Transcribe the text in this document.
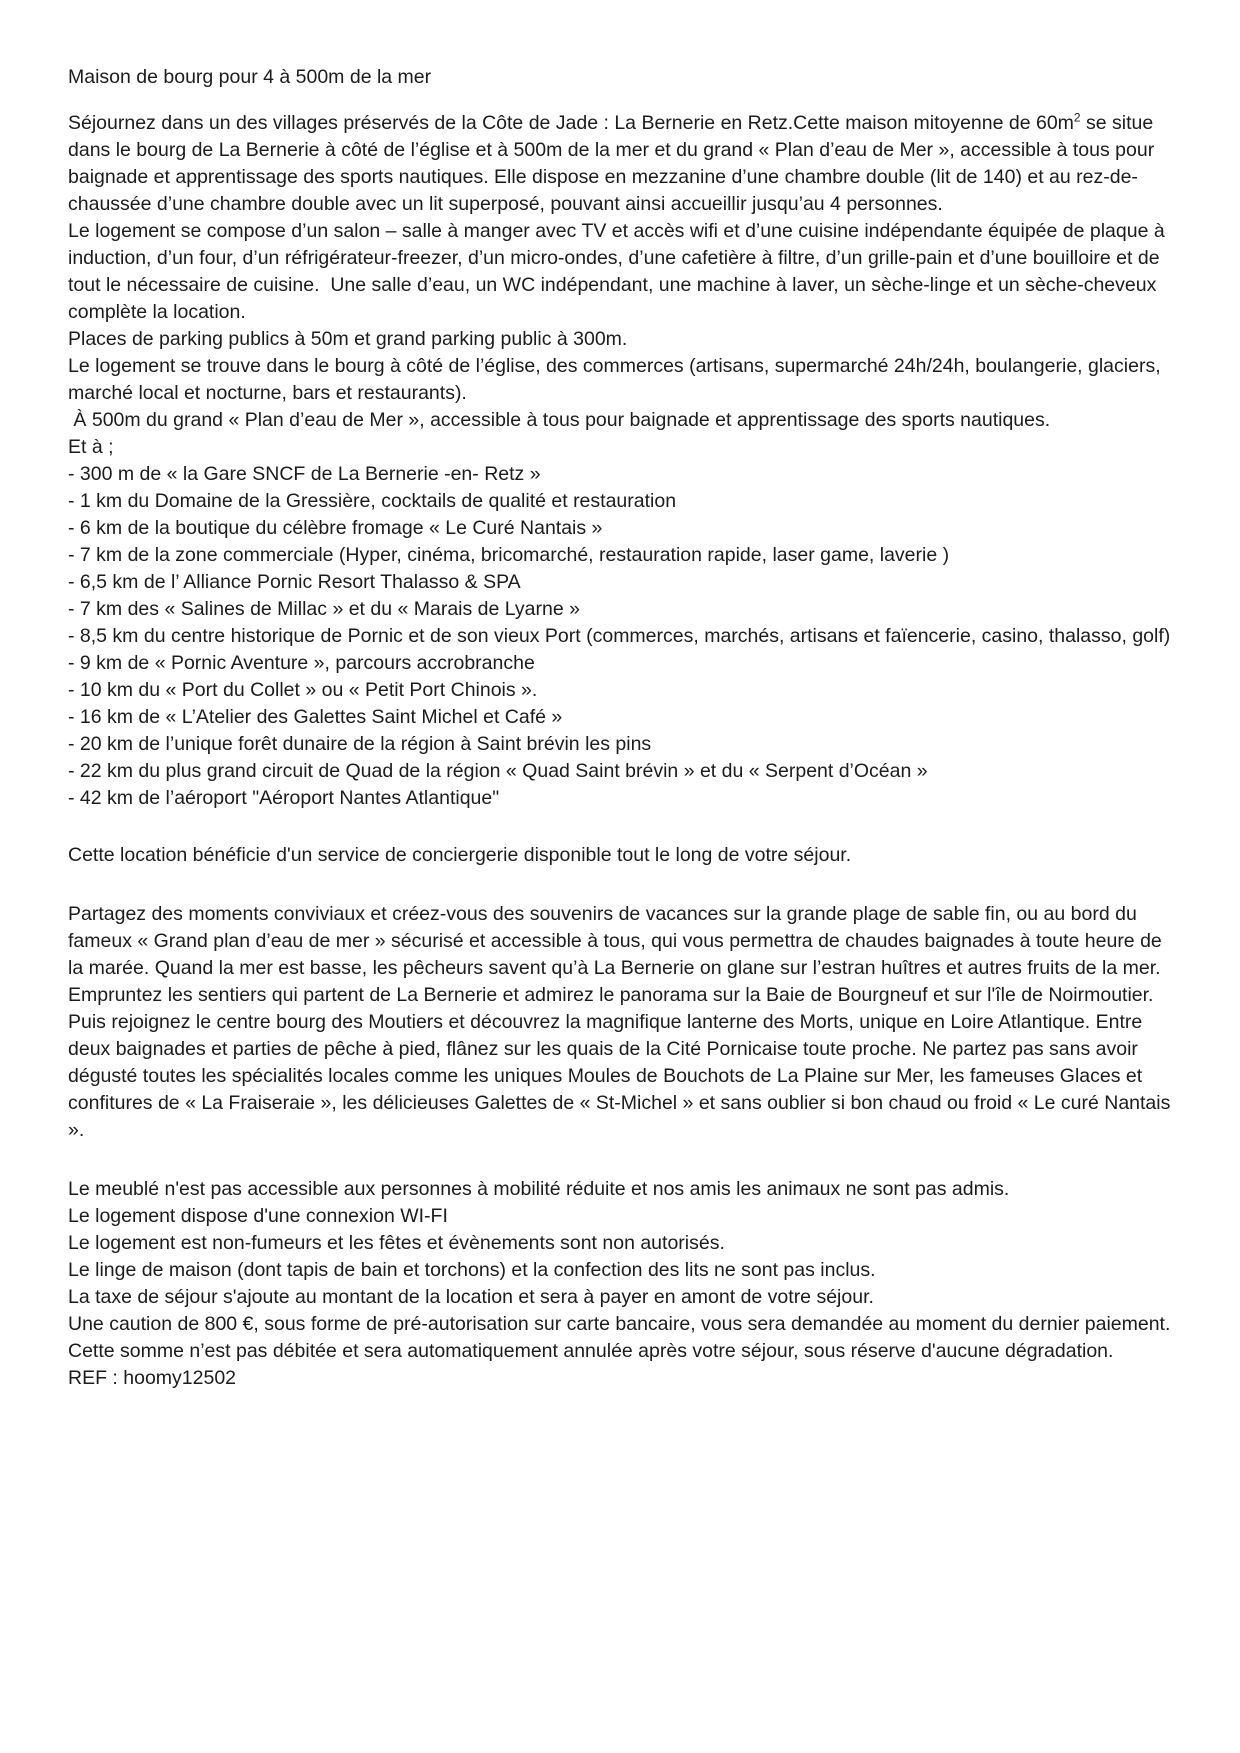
Maison de bourg pour 4 à 500m de la mer

Séjournez dans un des villages préservés de la Côte de Jade : La Bernerie en Retz.Cette maison mitoyenne de $60m^2$ se situe dans le bourg de La Bernerie à côté de l’église et à 500m de la mer et du grand « Plan d’eau de Mer », accessible à tous pour baignade et apprentissage des sports nautiques. Elle dispose en mezzanine d’une chambre double (lit de 140) et au rez-de-chaussée d’une chambre double avec un lit superposé, pouvant ainsi accueillir jusqu’au 4 personnes.

Le logement se compose d’un salon – salle à manger avec TV et accès wifi et d’une cuisine indépendante équipée de plaque à induction, d’un four, d’un réfrigérateur-freezer, d’un micro-ondes, d’une cafetière à filtre, d’un grille-pain et d’une bouilloire et de tout le nécessaire de cuisine.  Une salle d’eau, un WC indépendant, une machine à laver, un sèche-linge et un sèche-cheveux complète la location.

Places de parking publics à 50m et grand parking public à 300m.

Le logement se trouve dans le bourg à côté de l’église, des commerces (artisans, supermarché 24h/24h, boulangerie, glaciers, marché local et nocturne, bars et restaurants).

À 500m du grand « Plan d’eau de Mer », accessible à tous pour baignade et apprentissage des sports nautiques.

Et à ;

- 300 m de « la Gare SNCF de La Bernerie -en- Retz »

- 1 km du Domaine de la Gressière, cocktails de qualité et restauration

- 6 km de la boutique du célèbre fromage « Le Curé Nantais »

- 7 km de la zone commerciale (Hyper, cinéma, bricomarché, restauration rapide, laser game, laverie )

- 6,5 km de l’ Alliance Pornic Resort Thalasso & SPA

- 7 km des « Salines de Millac » et du « Marais de Lyarne »

- 8,5 km du centre historique de Pornic et de son vieux Port (commerces, marchés, artisans et faïencerie, casino, thalasso, golf)

- 9 km de « Pornic Aventure », parcours accrobranche

- 10 km du « Port du Collet » ou « Petit Port Chinois ».

- 16 km de « L’Atelier des Galettes Saint Michel et Café »

- 20 km de l’unique forêt dunaire de la région à Saint brévin les pins

- 22 km du plus grand circuit de Quad de la région « Quad Saint brévin » et du « Serpent d’Océan »

- 42 km de l’aéroport "Aéroport Nantes Atlantique"

Cette location bénéficie d'un service de conciergerie disponible tout le long de votre séjour.

Partagez des moments conviviaux et créez-vous des souvenirs de vacances sur la grande plage de sable fin, ou au bord du fameux « Grand plan d’eau de mer » sécurisé et accessible à tous, qui vous permettra de chaudes baignades à toute heure de la marée. Quand la mer est basse, les pêcheurs savent qu’à La Bernerie on glane sur l’estran huîtres et autres fruits de la mer. Empruntez les sentiers qui partent de La Bernerie et admirez le panorama sur la Baie de Bourgneuf et sur l'île de Noirmoutier. Puis rejoignez le centre bourg des Moutiers et découvrez la magnifique lanterne des Morts, unique en Loire Atlantique. Entre deux baignades et parties de pêche à pied, flânez sur les quais de la Cité Pornicaise toute proche. Ne partez pas sans avoir dégusté toutes les spécialités locales comme les uniques Moules de Bouchots de La Plaine sur Mer, les fameuses Glaces et confitures de « La Fraiseraie », les délicieuses Galettes de « St-Michel » et sans oublier si bon chaud ou froid « Le curé Nantais ».

Le meublé n'est pas accessible aux personnes à mobilité réduite et nos amis les animaux ne sont pas admis.

Le logement dispose d'une connexion WI-FI

Le logement est non-fumeurs et les fêtes et évènements sont non autorisés.

Le linge de maison (dont tapis de bain et torchons) et la confection des lits ne sont pas inclus.

La taxe de séjour s'ajoute au montant de la location et sera à payer en amont de votre séjour.

Une caution de 800 €, sous forme de pré-autorisation sur carte bancaire, vous sera demandée au moment du dernier paiement. Cette somme n’est pas débitée et sera automatiquement annulée après votre séjour, sous réserve d'aucune dégradation.

REF : hoomy12502
